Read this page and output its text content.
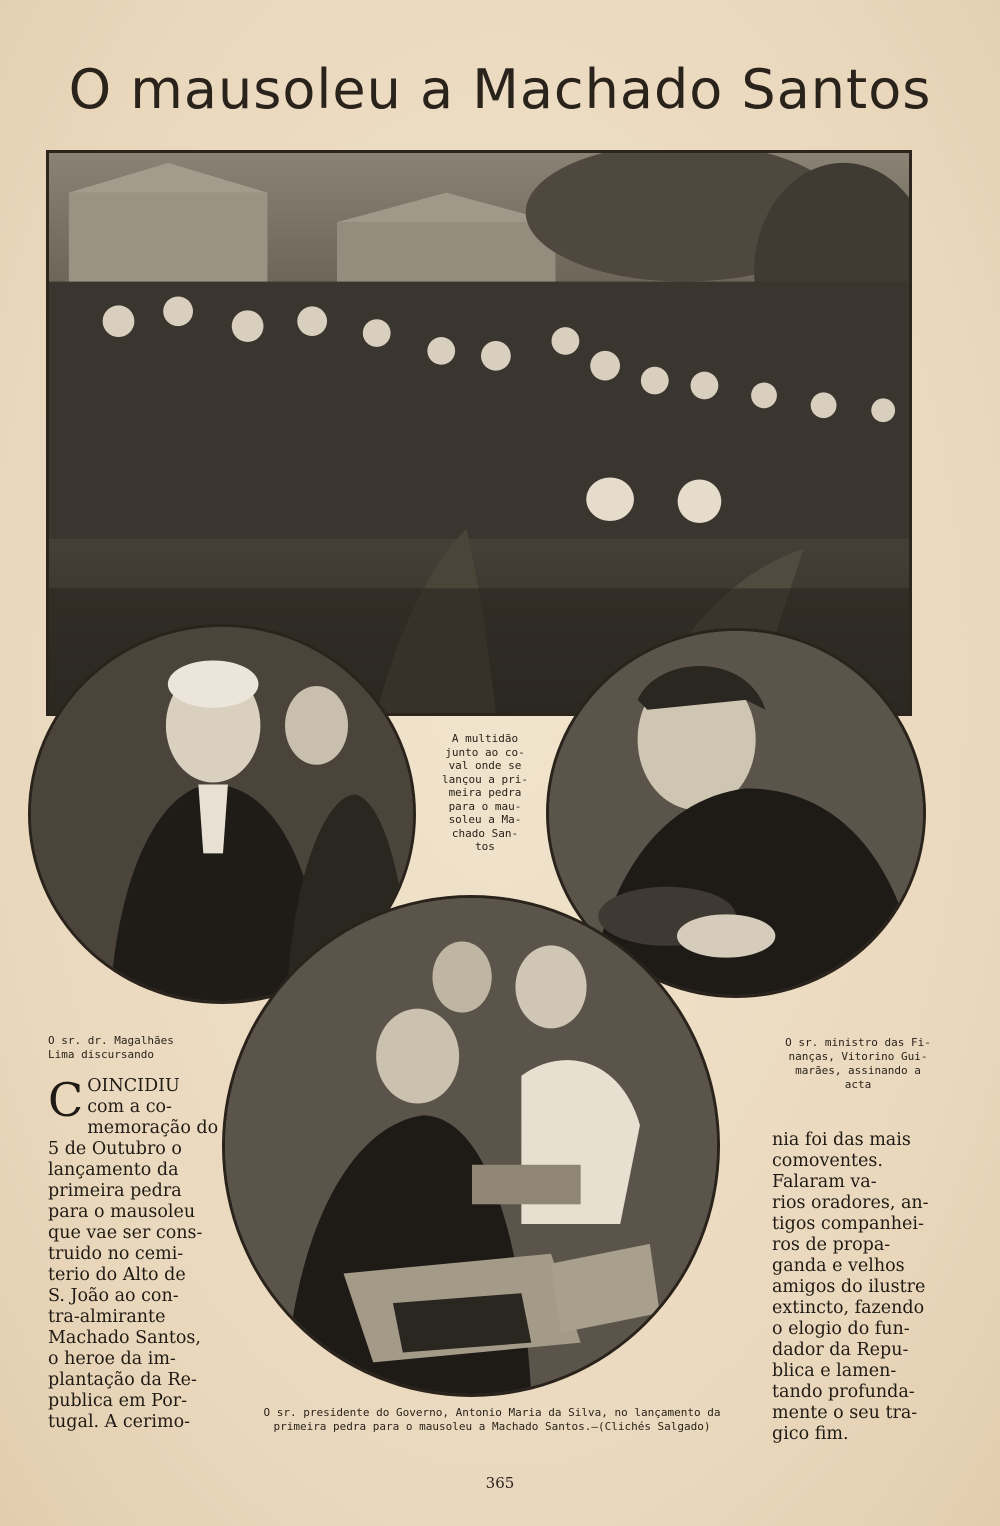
O mausoleu a Machado Santos
A multidão
junto ao co-
val onde se
lançou a pri-
meira pedra
para o mau-
soleu a Ma-
chado San-
tos
O sr. dr. Magalhães
Lima discursando
O sr. ministro das Fi-
nanças, Vitorino Gui-
marães, assinando a
acta
O sr. presidente do Governo, Antonio Maria da Silva, no lançamento da
primeira pedra para o mausoleu a Machado Santos.—(Clichés Salgado)
C OINCIDIU
com a co-
memoração do
5 de Outubro o
lançamento da
primeira pedra
para o mausoleu
que vae ser cons-
truido no cemi-
terio do Alto de
S. João ao con-
tra-almirante
Machado Santos,
o heroe da im-
plantação da Re-
publica em Por-
tugal. A cerimo-
nia foi das mais
comoventes.
Falaram va-
rios oradores, an-
tigos companhei-
ros de propa-
ganda e velhos
amigos do ilustre
extincto, fazendo
o elogio do fun-
dador da Repu-
blica e lamen-
tando profunda-
mente o seu tra-
gico fim.
365
